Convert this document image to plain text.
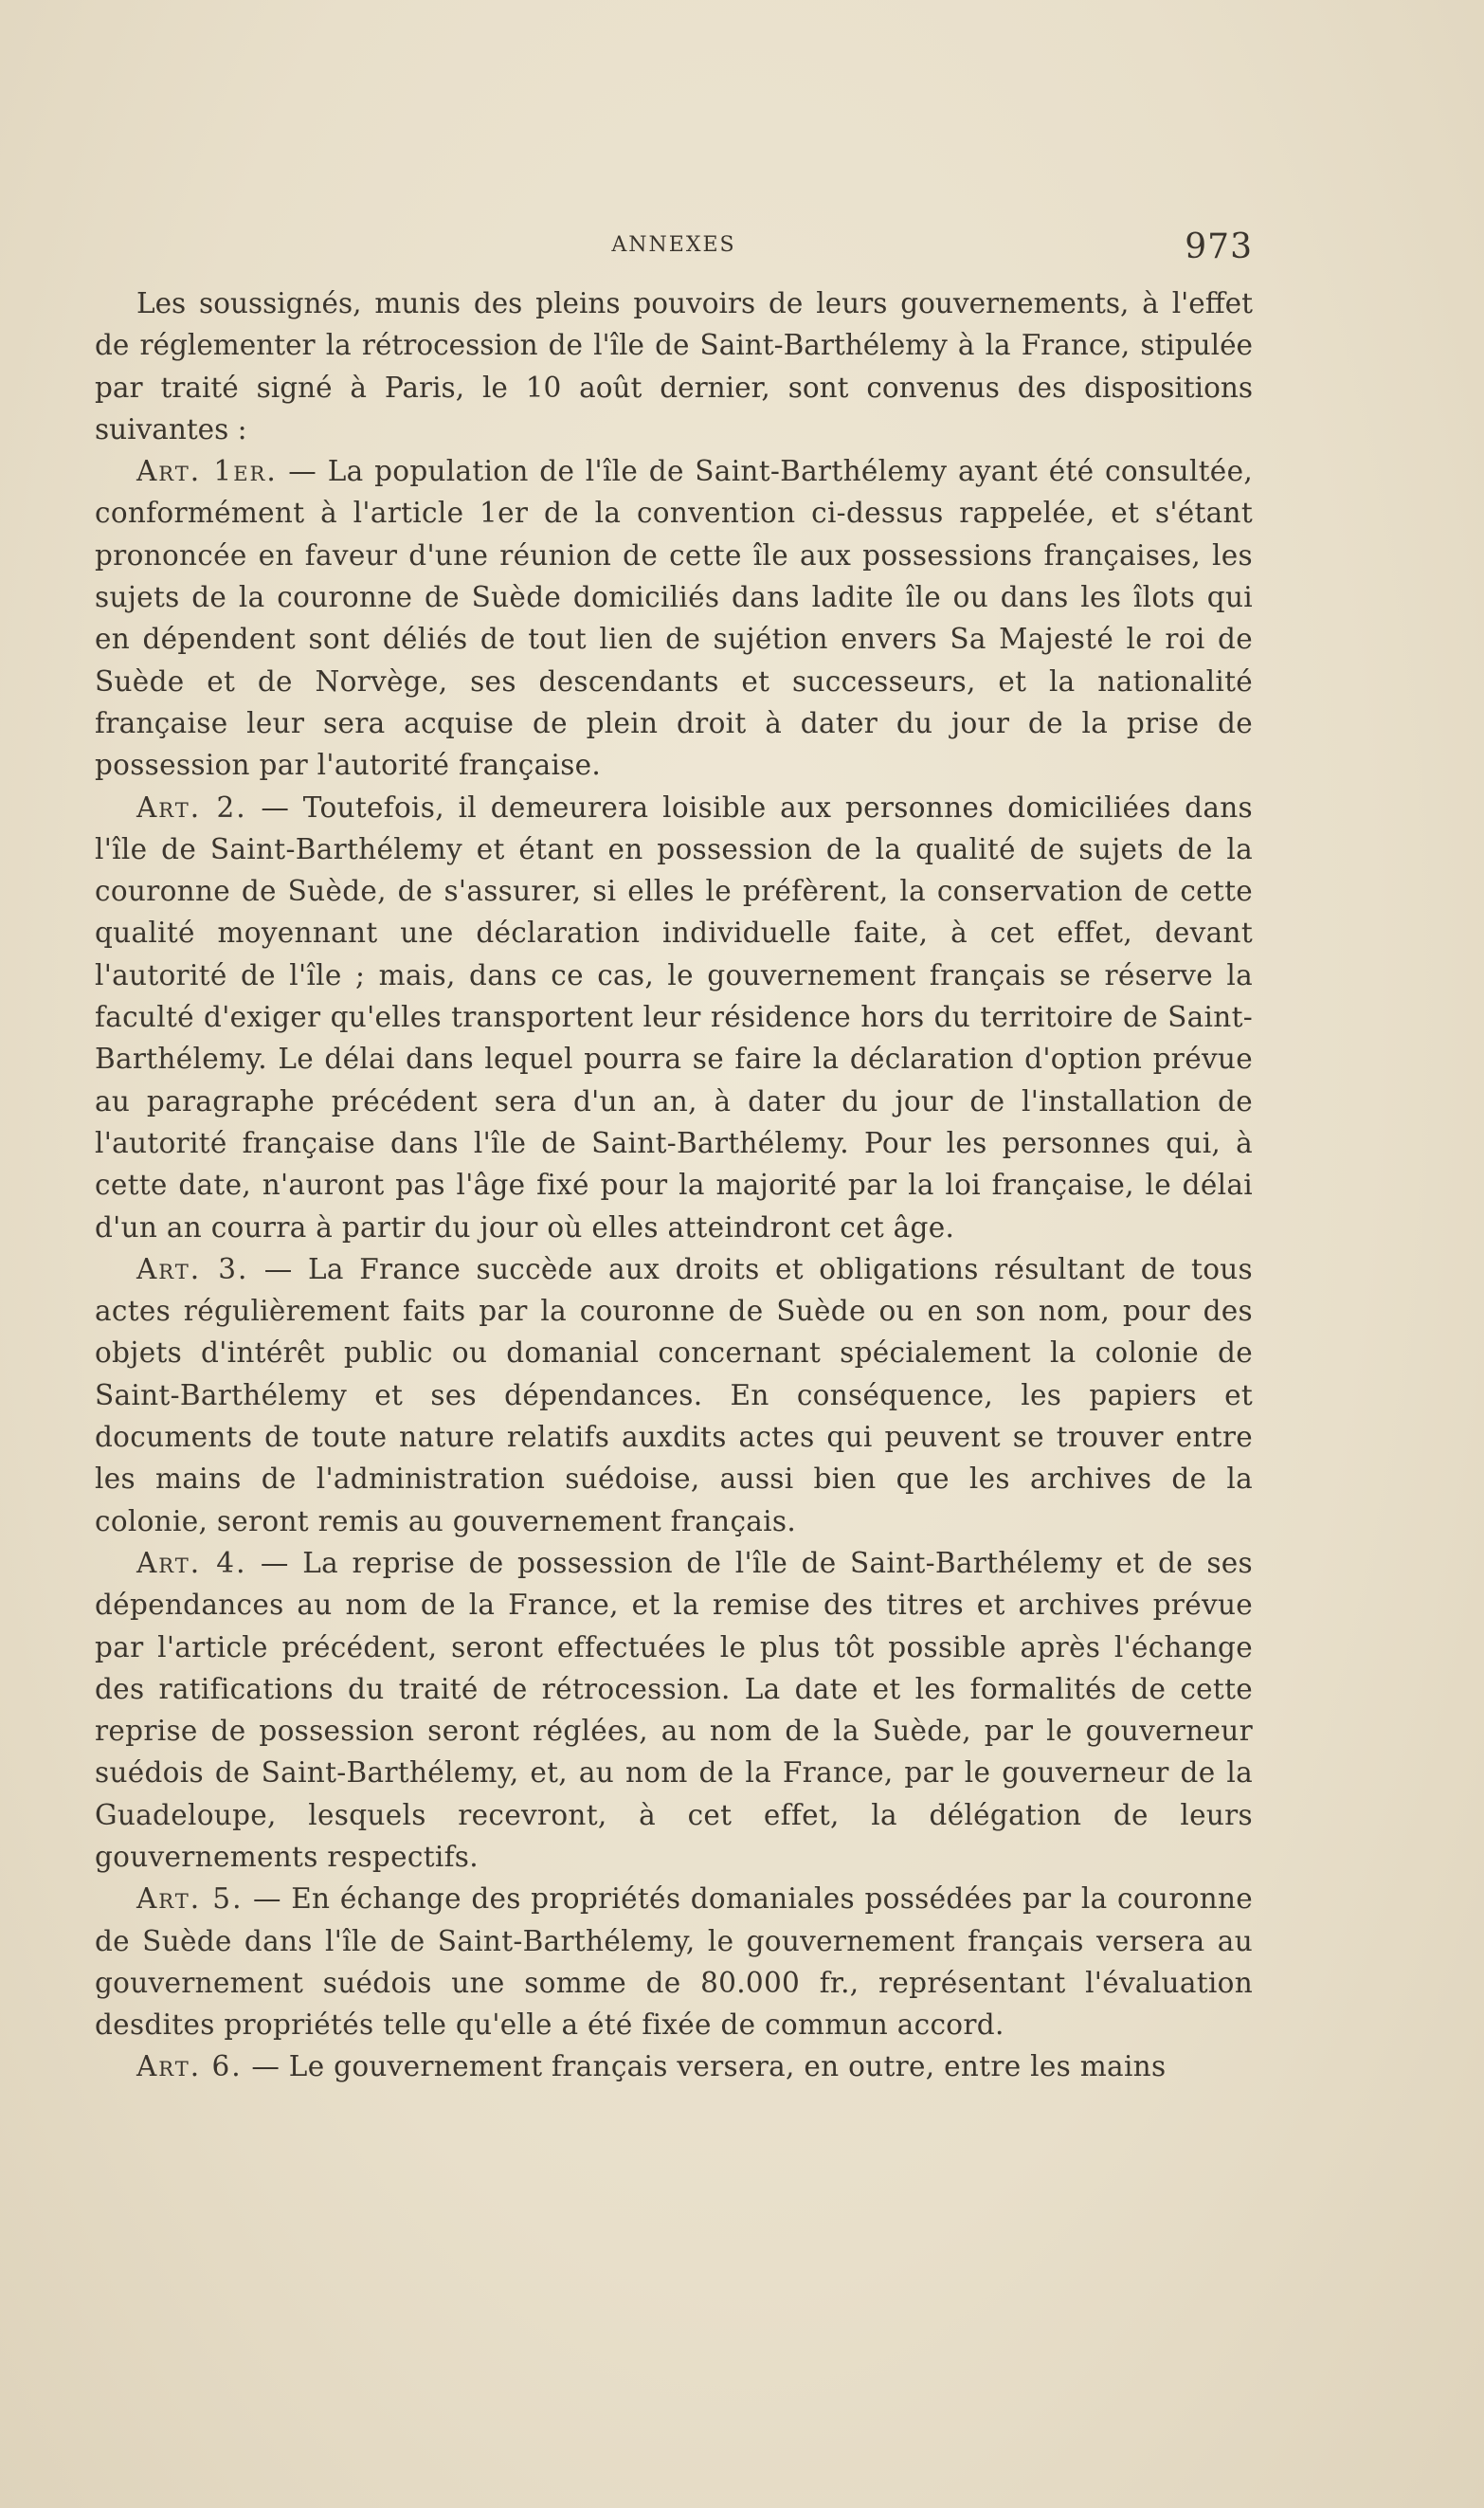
ANNEXES	973

Les soussignés, munis des pleins pouvoirs de leurs gouvernements, à l'effet de réglementer la rétrocession de l'île de Saint-Barthélemy à la France, stipulée par traité signé à Paris, le 10 août dernier, sont convenus des dispositions suivantes :

Art. 1er. — La population de l'île de Saint-Barthélemy ayant été consultée, conformément à l'article 1er de la convention ci-dessus rappelée, et s'étant prononcée en faveur d'une réunion de cette île aux possessions françaises, les sujets de la couronne de Suède domiciliés dans ladite île ou dans les îlots qui en dépendent sont déliés de tout lien de sujétion envers Sa Majesté le roi de Suède et de Norvège, ses descendants et successeurs, et la nationalité française leur sera acquise de plein droit à dater du jour de la prise de possession par l'autorité française.

Art. 2. — Toutefois, il demeurera loisible aux personnes domiciliées dans l'île de Saint-Barthélemy et étant en possession de la qualité de sujets de la couronne de Suède, de s'assurer, si elles le préfèrent, la conservation de cette qualité moyennant une déclaration individuelle faite, à cet effet, devant l'autorité de l'île ; mais, dans ce cas, le gouvernement français se réserve la faculté d'exiger qu'elles transportent leur résidence hors du territoire de Saint-Barthélemy. Le délai dans lequel pourra se faire la déclaration d'option prévue au paragraphe précédent sera d'un an, à dater du jour de l'installation de l'autorité française dans l'île de Saint-Barthélemy. Pour les personnes qui, à cette date, n'auront pas l'âge fixé pour la majorité par la loi française, le délai d'un an courra à partir du jour où elles atteindront cet âge.

Art. 3. — La France succède aux droits et obligations résultant de tous actes régulièrement faits par la couronne de Suède ou en son nom, pour des objets d'intérêt public ou domanial concernant spécialement la colonie de Saint-Barthélemy et ses dépendances. En conséquence, les papiers et documents de toute nature relatifs auxdits actes qui peuvent se trouver entre les mains de l'administration suédoise, aussi bien que les archives de la colonie, seront remis au gouvernement français.

Art. 4. — La reprise de possession de l'île de Saint-Barthélemy et de ses dépendances au nom de la France, et la remise des titres et archives prévue par l'article précédent, seront effectuées le plus tôt possible après l'échange des ratifications du traité de rétrocession. La date et les formalités de cette reprise de possession seront réglées, au nom de la Suède, par le gouverneur suédois de Saint-Barthélemy, et, au nom de la France, par le gouverneur de la Guadeloupe, lesquels recevront, à cet effet, la délégation de leurs gouvernements respectifs.

Art. 5. — En échange des propriétés domaniales possédées par la couronne de Suède dans l'île de Saint-Barthélemy, le gouvernement français versera au gouvernement suédois une somme de 80.000 fr., représentant l'évaluation desdites propriétés telle qu'elle a été fixée de commun accord.

Art. 6. — Le gouvernement français versera, en outre, entre les mains
